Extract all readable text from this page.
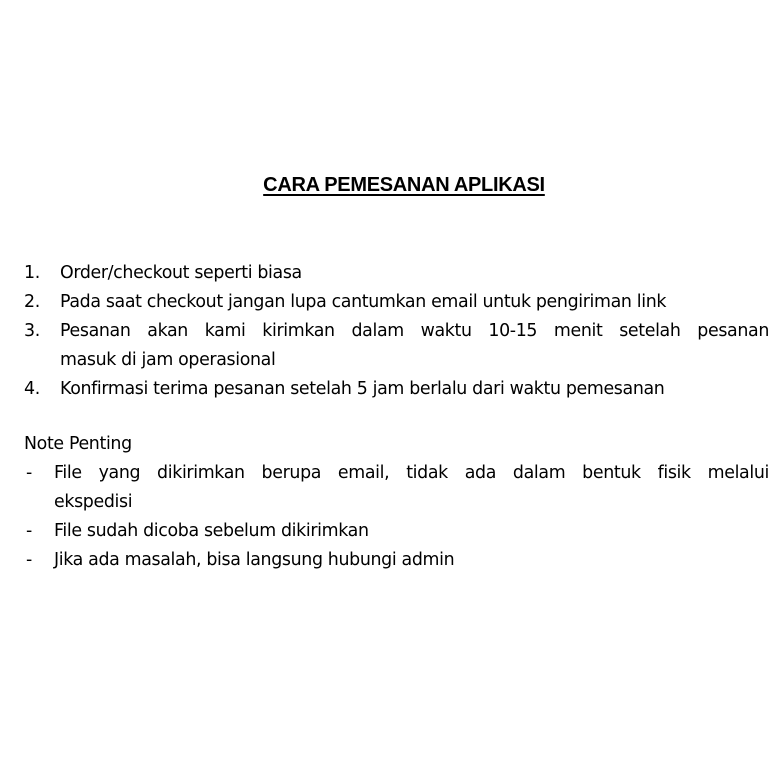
CARA PEMESANAN APLIKASI
1. Order/checkout seperti biasa
2. Pada saat checkout jangan lupa cantumkan email untuk pengiriman link
3. Pesanan akan kami kirimkan dalam waktu 10-15 menit setelah pesanan
masuk di jam operasional
4. Konfirmasi terima pesanan setelah 5 jam berlalu dari waktu pemesanan
Note Penting
- File yang dikirimkan berupa email, tidak ada dalam bentuk fisik melalui
ekspedisi
- File sudah dicoba sebelum dikirimkan
- Jika ada masalah, bisa langsung hubungi admin
